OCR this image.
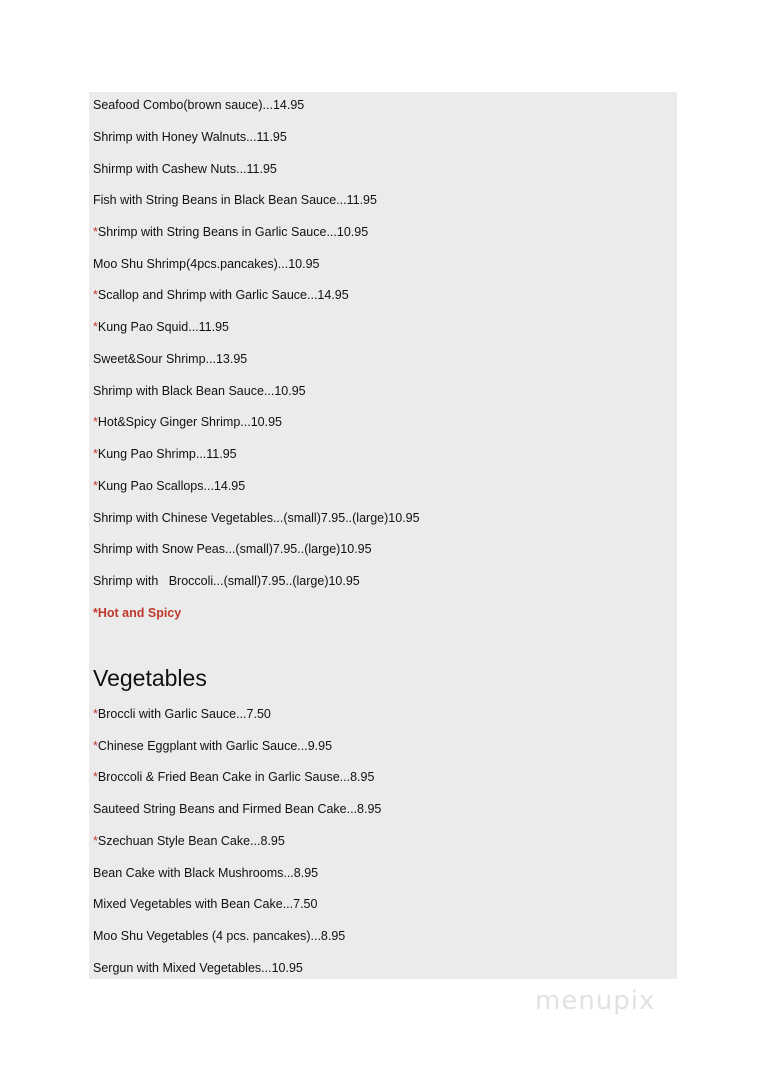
Seafood Combo(brown sauce)...14.95
Shrimp with Honey Walnuts...11.95
Shirmp with Cashew Nuts...11.95
Fish with String Beans in Black Bean Sauce...11.95
*Shrimp with String Beans in Garlic Sauce...10.95
Moo Shu Shrimp(4pcs.pancakes)...10.95
*Scallop and Shrimp with Garlic Sauce...14.95
*Kung Pao Squid...11.95
Sweet&Sour Shrimp...13.95
Shrimp with Black Bean Sauce...10.95
*Hot&Spicy Ginger Shrimp...10.95
*Kung Pao Shrimp...11.95
*Kung Pao Scallops...14.95
Shrimp with Chinese Vegetables...(small)7.95..(large)10.95
Shrimp with Snow Peas...(small)7.95..(large)10.95
Shrimp with   Broccoli...(small)7.95..(large)10.95
*Hot and Spicy
Vegetables
*Broccli with Garlic Sauce...7.50
*Chinese Eggplant with Garlic Sauce...9.95
*Broccoli & Fried Bean Cake in Garlic Sause...8.95
Sauteed String Beans and Firmed Bean Cake...8.95
*Szechuan Style Bean Cake...8.95
Bean Cake with Black Mushrooms...8.95
Mixed Vegetables with Bean Cake...7.50
Moo Shu Vegetables (4 pcs. pancakes)...8.95
Sergun with Mixed Vegetables...10.95
menupix
